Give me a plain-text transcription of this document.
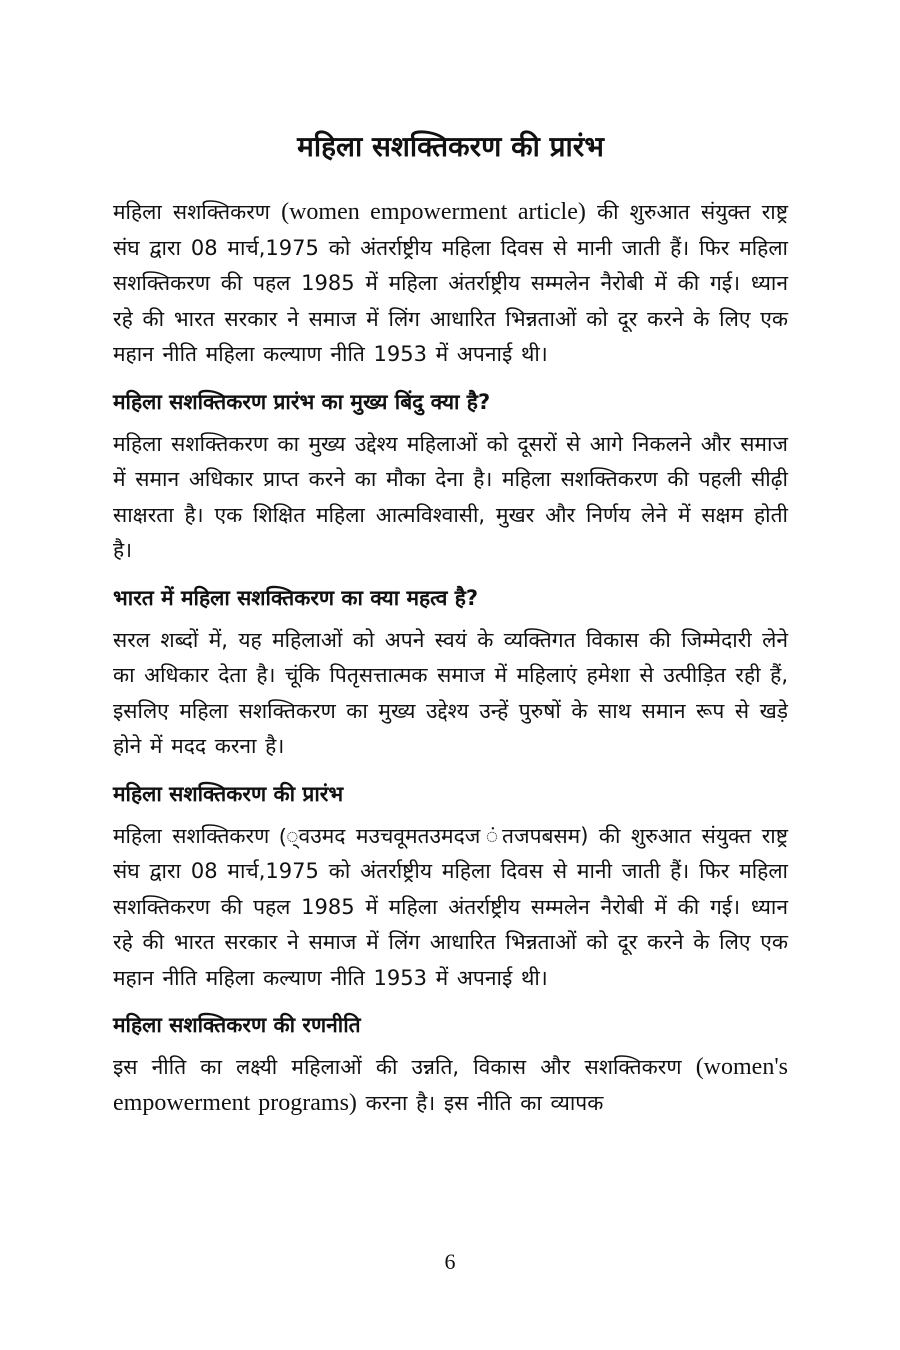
महिला सशक्तिकरण की प्रारंभ

महिला सशक्तिकरण (women empowerment article) की शुरुआत संयुक्त राष्ट्र संघ द्वारा 08 मार्च,1975 को अंतर्राष्ट्रीय महिला दिवस से मानी जाती हैं। फिर महिला सशक्तिकरण की पहल 1985 में महिला अंतर्राष्ट्रीय सम्मलेन नैरोबी में की गई। ध्यान रहे की भारत सरकार ने समाज में लिंग आधारित भिन्नताओं को दूर करने के लिए एक महान नीति महिला कल्याण नीति 1953 में अपनाई थी।

महिला सशक्तिकरण प्रारंभ का मुख्य बिंदु क्या है?

महिला सशक्तिकरण का मुख्य उद्देश्य महिलाओं को दूसरों से आगे निकलने और समाज में समान अधिकार प्राप्त करने का मौका देना है। महिला सशक्तिकरण की पहली सीढ़ी साक्षरता है। एक शिक्षित महिला आत्मविश्वासी, मुखर और निर्णय लेने में सक्षम होती है।

भारत में महिला सशक्तिकरण का क्या महत्व है?

सरल शब्दों में, यह महिलाओं को अपने स्वयं के व्यक्तिगत विकास की जिम्मेदारी लेने का अधिकार देता है। चूंकि पितृसत्तात्मक समाज में महिलाएं हमेशा से उत्पीड़ित रही हैं, इसलिए महिला सशक्तिकरण का मुख्य उद्देश्य उन्हें पुरुषों के साथ समान रूप से खड़े होने में मदद करना है।

महिला सशक्तिकरण की प्रारंभ

महिला सशक्तिकरण (्वउमद मउचवूमतउमदज ंतजपबसम) की शुरुआत संयुक्त राष्ट्र संघ द्वारा 08 मार्च,1975 को अंतर्राष्ट्रीय महिला दिवस से मानी जाती हैं। फिर महिला सशक्तिकरण की पहल 1985 में महिला अंतर्राष्ट्रीय सम्मलेन नैरोबी में की गई। ध्यान रहे की भारत सरकार ने समाज में लिंग आधारित भिन्नताओं को दूर करने के लिए एक महान नीति महिला कल्याण नीति 1953 में अपनाई थी।

महिला सशक्तिकरण की रणनीति

इस नीति का लक्ष्यी महिलाओं की उन्नति, विकास और सशक्तिकरण (women's empowerment programs) करना है। इस नीति का व्यापक

6
